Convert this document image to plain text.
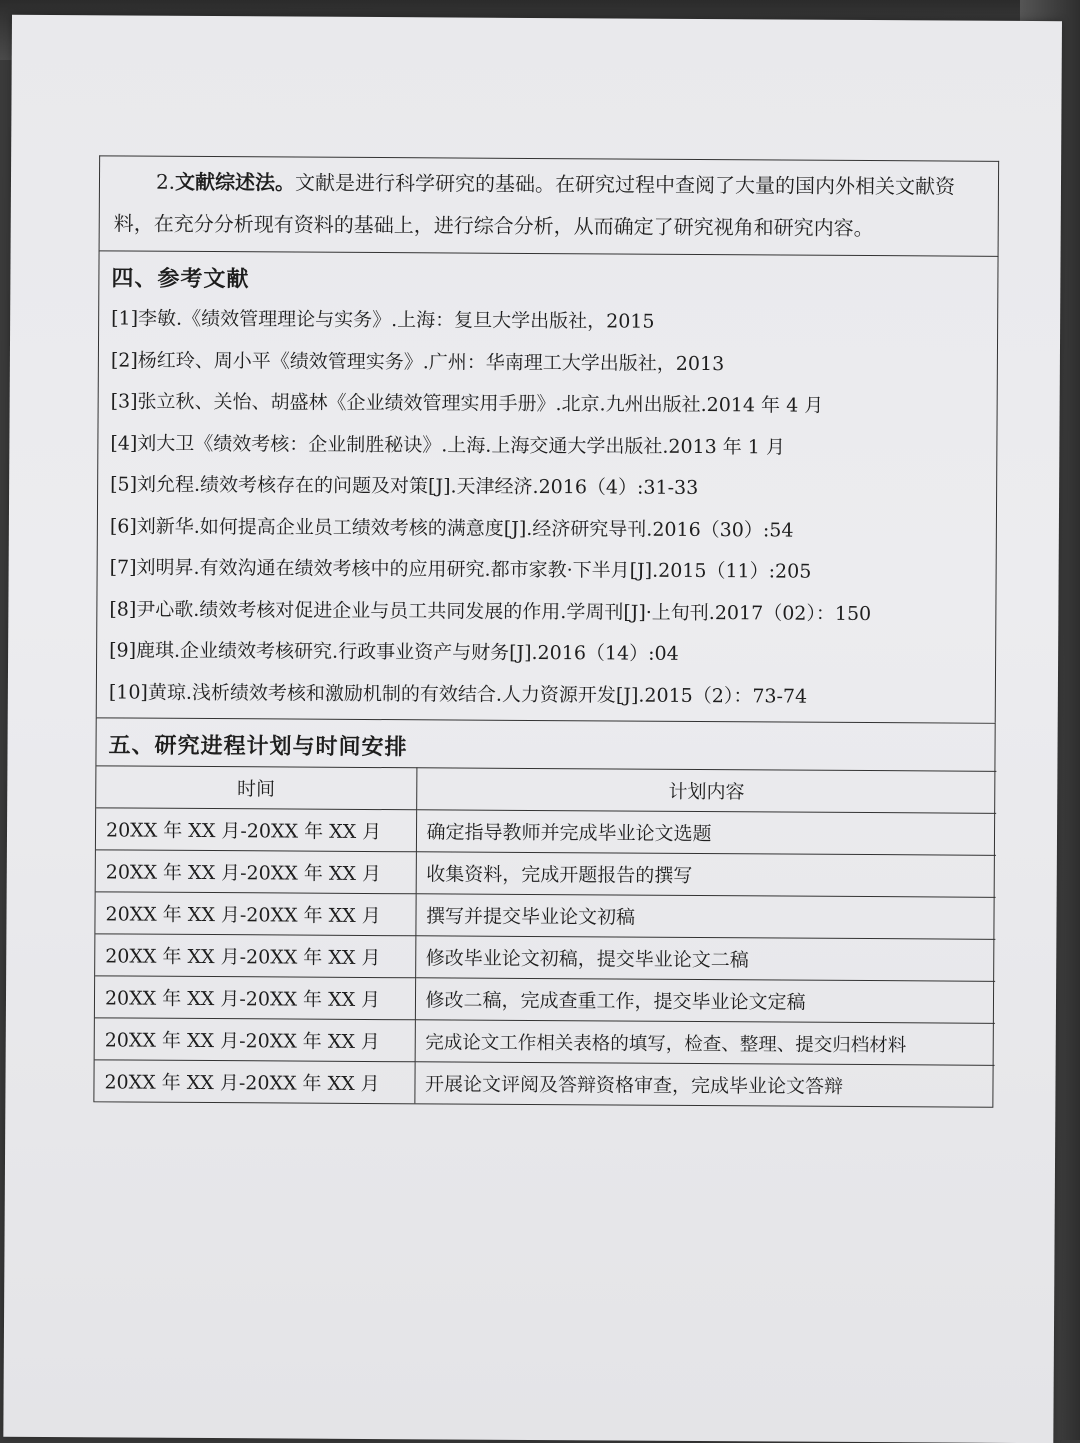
2.文献综述法。文献是进行科学研究的基础。在研究过程中查阅了大量的国内外相关文献资料，在充分分析现有资料的基础上，进行综合分析，从而确定了研究视角和研究内容。
四、参考文献
[1]李敏.《绩效管理理论与实务》.上海：复旦大学出版社，2015
[2]杨红玲、周小平《绩效管理实务》.广州：华南理工大学出版社，2013
[3]张立秋、关怡、胡盛林《企业绩效管理实用手册》.北京.九州出版社.2014 年 4 月
[4]刘大卫《绩效考核：企业制胜秘诀》.上海.上海交通大学出版社.2013 年 1 月
[5]刘允程.绩效考核存在的问题及对策[J].天津经济.2016（4）:31-33
[6]刘新华.如何提高企业员工绩效考核的满意度[J].经济研究导刊.2016（30）:54
[7]刘明昇.有效沟通在绩效考核中的应用研究.都市家教·下半月[J].2015（11）:205
[8]尹心歌.绩效考核对促进企业与员工共同发展的作用.学周刊[J]·上旬刊.2017（02）：150
[9]鹿琪.企业绩效考核研究.行政事业资产与财务[J].2016（14）:04
[10]黄琼.浅析绩效考核和激励机制的有效结合.人力资源开发[J].2015（2）：73-74
五、研究进程计划与时间安排
时间	计划内容
20XX 年 XX 月-20XX 年 XX 月	确定指导教师并完成毕业论文选题
20XX 年 XX 月-20XX 年 XX 月	收集资料，完成开题报告的撰写
20XX 年 XX 月-20XX 年 XX 月	撰写并提交毕业论文初稿
20XX 年 XX 月-20XX 年 XX 月	修改毕业论文初稿，提交毕业论文二稿
20XX 年 XX 月-20XX 年 XX 月	修改二稿，完成查重工作，提交毕业论文定稿
20XX 年 XX 月-20XX 年 XX 月	完成论文工作相关表格的填写，检查、整理、提交归档材料
20XX 年 XX 月-20XX 年 XX 月	开展论文评阅及答辩资格审查，完成毕业论文答辩
